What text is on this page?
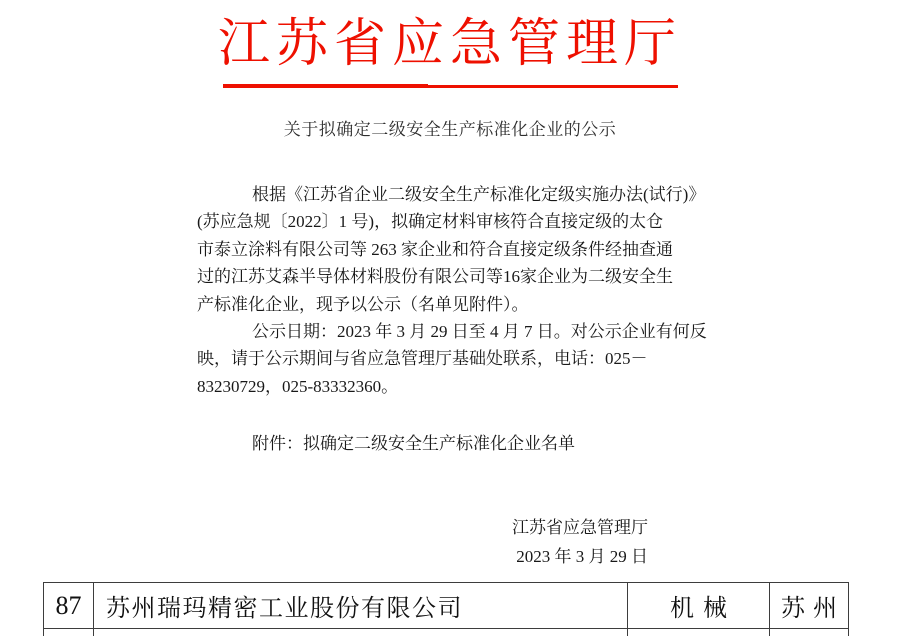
江苏省应急管理厅
关于拟确定二级安全生产标准化企业的公示
根据《江苏省企业二级安全生产标准化定级实施办法(试行)》
(苏应急规〔2022〕1 号)，拟确定材料审核符合直接定级的太仓
市泰立涂料有限公司等 263 家企业和符合直接定级条件经抽查通
过的江苏艾森半导体材料股份有限公司等16家企业为二级安全生
产标准化企业，现予以公示（名单见附件）。
公示日期：2023 年 3 月 29 日至 4 月 7 日。对公示企业有何反
映，请于公示期间与省应急管理厅基础处联系，电话：025－
83230729，025-83332360。
附件：拟确定二级安全生产标准化企业名单
江苏省应急管理厅
2023 年 3 月 29 日
87	苏州瑞玛精密工业股份有限公司	机械	苏州
